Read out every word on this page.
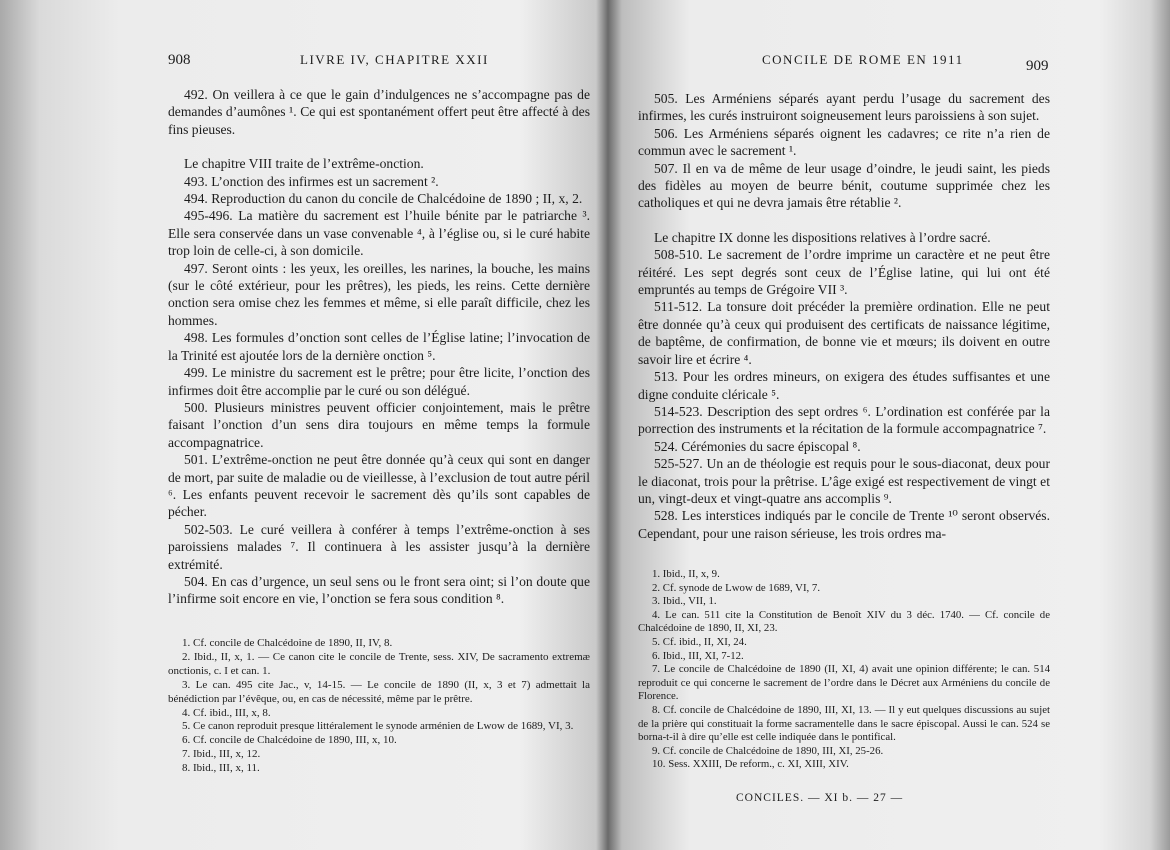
908	LIVRE IV, CHAPITRE XXII

492. On veillera à ce que le gain d’indulgences ne s’accompagne pas de demandes d’aumônes ¹. Ce qui est spontanément offert peut être affecté à des fins pieuses.

Le chapitre VIII traite de l’extrême-onction.

493. L’onction des infirmes est un sacrement ².

494. Reproduction du canon du concile de Chalcédoine de 1890 ; II, x, 2.

495-496. La matière du sacrement est l’huile bénite par le patriarche ³. Elle sera conservée dans un vase convenable ⁴, à l’église ou, si le curé habite trop loin de celle-ci, à son domicile.

497. Seront oints : les yeux, les oreilles, les narines, la bouche, les mains (sur le côté extérieur, pour les prêtres), les pieds, les reins. Cette dernière onction sera omise chez les femmes et même, si elle paraît difficile, chez les hommes.

498. Les formules d’onction sont celles de l’Église latine; l’invocation de la Trinité est ajoutée lors de la dernière onction ⁵.

499. Le ministre du sacrement est le prêtre; pour être licite, l’onction des infirmes doit être accomplie par le curé ou son délégué.

500. Plusieurs ministres peuvent officier conjointement, mais le prêtre faisant l’onction d’un sens dira toujours en même temps la formule accompagnatrice.

501. L’extrême-onction ne peut être donnée qu’à ceux qui sont en danger de mort, par suite de maladie ou de vieillesse, à l’exclusion de tout autre péril ⁶. Les enfants peuvent recevoir le sacrement dès qu’ils sont capables de pécher.

502-503. Le curé veillera à conférer à temps l’extrême-onction à ses paroissiens malades ⁷. Il continuera à les assister jusqu’à la dernière extrémité.

504. En cas d’urgence, un seul sens ou le front sera oint; si l’on doute que l’infirme soit encore en vie, l’onction se fera sous condition ⁸.

1. Cf. concile de Chalcédoine de 1890, II, IV, 8.
2. Ibid., II, x, 1. — Ce canon cite le concile de Trente, sess. XIV, De sacramento extremæ onctionis, c. I et can. 1.
3. Le can. 495 cite Jac., v, 14-15. — Le concile de 1890 (II, x, 3 et 7) admettait la bénédiction par l’évêque, ou, en cas de nécessité, même par le prêtre.
4. Cf. ibid., III, x, 8.
5. Ce canon reproduit presque littéralement le synode arménien de Lwow de 1689, VI, 3.
6. Cf. concile de Chalcédoine de 1890, III, x, 10.
7. Ibid., III, x, 12.
8. Ibid., III, x, 11.
CONCILE DE ROME EN 1911	909

505. Les Arméniens séparés ayant perdu l’usage du sacrement des infirmes, les curés instruiront soigneusement leurs paroissiens à son sujet.

506. Les Arméniens séparés oignent les cadavres; ce rite n’a rien de commun avec le sacrement ¹.

507. Il en va de même de leur usage d’oindre, le jeudi saint, les pieds des fidèles au moyen de beurre bénit, coutume supprimée chez les catholiques et qui ne devra jamais être rétablie ².

Le chapitre IX donne les dispositions relatives à l’ordre sacré.

508-510. Le sacrement de l’ordre imprime un caractère et ne peut être réitéré. Les sept degrés sont ceux de l’Église latine, qui lui ont été empruntés au temps de Grégoire VII ³.

511-512. La tonsure doit précéder la première ordination. Elle ne peut être donnée qu’à ceux qui produisent des certificats de naissance légitime, de baptême, de confirmation, de bonne vie et mœurs; ils doivent en outre savoir lire et écrire ⁴.

513. Pour les ordres mineurs, on exigera des études suffisantes et une digne conduite cléricale ⁵.

514-523. Description des sept ordres ⁶. L’ordination est conférée par la porrection des instruments et la récitation de la formule accompagnatrice ⁷.

524. Cérémonies du sacre épiscopal ⁸.

525-527. Un an de théologie est requis pour le sous-diaconat, deux pour le diaconat, trois pour la prêtrise. L’âge exigé est respectivement de vingt et un, vingt-deux et vingt-quatre ans accomplis ⁹.

528. Les interstices indiqués par le concile de Trente ¹⁰ seront observés. Cependant, pour une raison sérieuse, les trois ordres ma-

1. Ibid., II, x, 9.
2. Cf. synode de Lwow de 1689, VI, 7.
3. Ibid., VII, 1.
4. Le can. 511 cite la Constitution de Benoît XIV du 3 déc. 1740. — Cf. concile de Chalcédoine de 1890, II, XI, 23.
5. Cf. ibid., II, XI, 24.
6. Ibid., III, XI, 7-12.
7. Le concile de Chalcédoine de 1890 (II, XI, 4) avait une opinion différente; le can. 514 reproduit ce qui concerne le sacrement de l’ordre dans le Décret aux Arméniens du concile de Florence.
8. Cf. concile de Chalcédoine de 1890, III, XI, 13. — Il y eut quelques discussions au sujet de la prière qui constituait la forme sacramentelle dans le sacre épiscopal. Aussi le can. 524 se borna-t-il à dire qu’elle est celle indiquée dans le pontifical.
9. Cf. concile de Chalcédoine de 1890, III, XI, 25-26.
10. Sess. XXIII, De reform., c. XI, XIII, XIV.
CONCILES. — XI b. — 27 —
